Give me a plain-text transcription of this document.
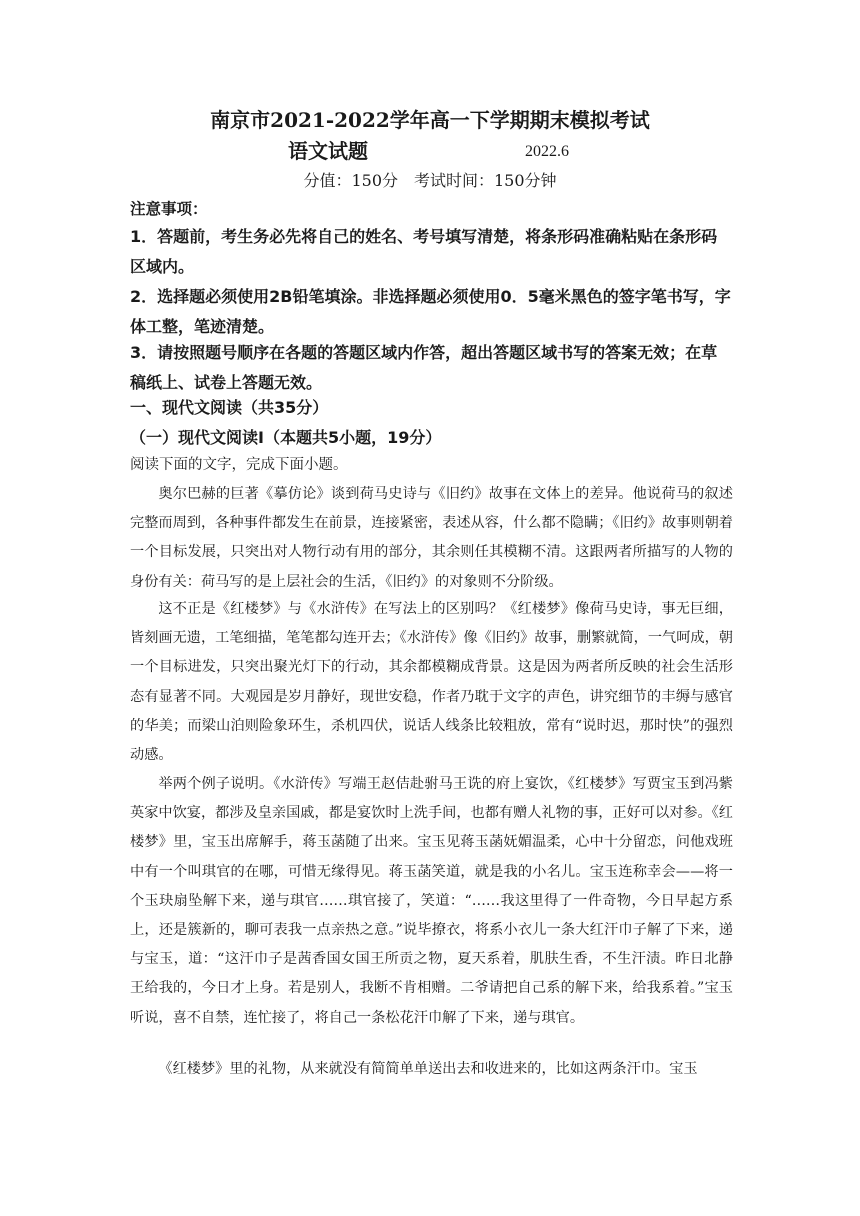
南京市2021-2022学年高一下学期期末模拟考试
语文试题	2022.6
分值：150分　考试时间：150分钟
注意事项：
1．答题前，考生务必先将自己的姓名、考号填写清楚，将条形码准确粘贴在条形码区域内。
2．选择题必须使用2B铅笔填涂。非选择题必须使用0．5毫米黑色的签字笔书写，字体工整，笔迹清楚。
3．请按照题号顺序在各题的答题区域内作答，超出答题区域书写的答案无效；在草稿纸上、试卷上答题无效。
一、现代文阅读（共35分）
（一）现代文阅读Ⅰ（本题共5小题，19分）
阅读下面的文字，完成下面小题。

奥尔巴赫的巨著《摹仿论》谈到荷马史诗与《旧约》故事在文体上的差异。他说荷马的叙述完整而周到，各种事件都发生在前景，连接紧密，表述从容，什么都不隐瞒；《旧约》故事则朝着一个目标发展，只突出对人物行动有用的部分，其余则任其模糊不清。这跟两者所描写的人物的身份有关：荷马写的是上层社会的生活，《旧约》的对象则不分阶级。

这不正是《红楼梦》与《水浒传》在写法上的区别吗？《红楼梦》像荷马史诗，事无巨细，皆刻画无遗，工笔细描，笔笔都勾连开去；《水浒传》像《旧约》故事，删繁就简，一气呵成，朝一个目标进发，只突出聚光灯下的行动，其余都模糊成背景。这是因为两者所反映的社会生活形态有显著不同。大观园是岁月静好，现世安稳，作者乃耽于文字的声色，讲究细节的丰缛与感官的华美；而梁山泊则险象环生，杀机四伏，说话人线条比较粗放，常有“说时迟，那时快”的强烈动感。

举两个例子说明。《水浒传》写端王赵佶赴驸马王诜的府上宴饮，《红楼梦》写贾宝玉到冯紫英家中饮宴，都涉及皇亲国戚，都是宴饮时上洗手间，也都有赠人礼物的事，正好可以对参。《红楼梦》里，宝玉出席解手，蒋玉菡随了出来。宝玉见蒋玉菡妩媚温柔，心中十分留恋，问他戏班中有一个叫琪官的在哪，可惜无缘得见。蒋玉菡笑道，就是我的小名儿。宝玉连称幸会——将一个玉玦扇坠解下来，递与琪官……琪官接了，笑道：“……我这里得了一件奇物，今日早起方系上，还是簇新的，聊可表我一点亲热之意。”说毕撩衣，将系小衣儿一条大红汗巾子解了下来，递与宝玉，道：“这汗巾子是茜香国女国王所贡之物，夏天系着，肌肤生香，不生汗渍。昨日北静王给我的，今日才上身。若是别人，我断不肯相赠。二爷请把自己系的解下来，给我系着。”宝玉听说，喜不自禁，连忙接了，将自己一条松花汗巾解了下来，递与琪官。

《红楼梦》里的礼物，从来就没有简简单单送出去和收进来的，比如这两条汗巾。宝玉
